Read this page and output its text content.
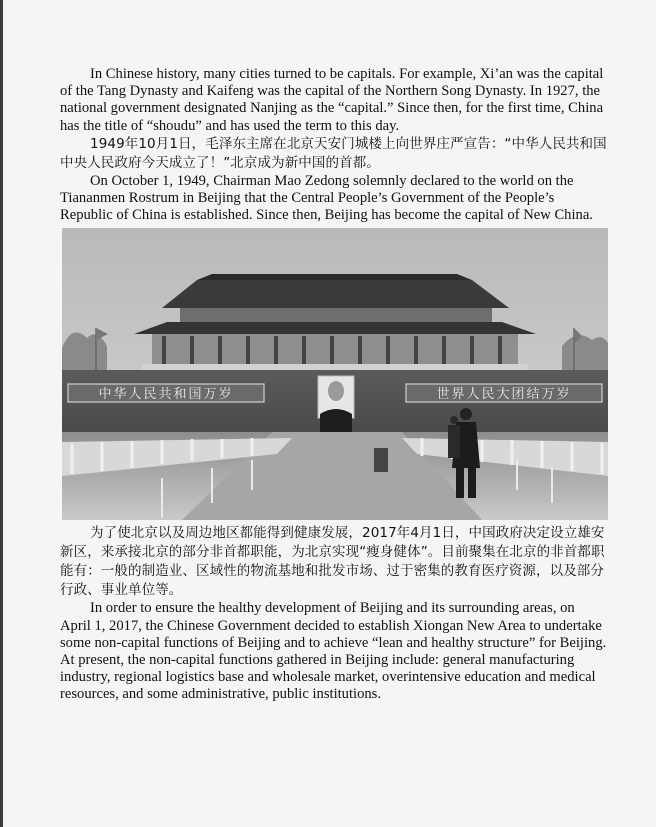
In Chinese history, many cities turned to be capitals. For example, Xi’an was the capital of the Tang Dynasty and Kaifeng was the capital of the Northern Song Dynasty. In 1927, the national government designated Nanjing as the “capital.” Since then, for the first time, China has the title of “shoudu” and has used the term to this day.

1949年10月1日，毛泽东主席在北京天安门城楼上向世界庄严宣告：“中华人民共和国中央人民政府今天成立了！”北京成为新中国的首都。

On October 1, 1949, Chairman Mao Zedong solemnly declared to the world on the Tiananmen Rostrum in Beijing that the Central People’s Government of the People’s Republic of China is established. Since then, Beijing has become the capital of New China.

中华人民共和国万岁	世界人民大团结万岁

为了使北京以及周边地区都能得到健康发展，2017年4月1日，中国政府决定设立雄安新区，来承接北京的部分非首都职能，为北京实现“瘦身健体”。目前聚集在北京的非首都职能有：一般的制造业、区域性的物流基地和批发市场、过于密集的教育医疗资源，以及部分行政、事业单位等。

In order to ensure the healthy development of Beijing and its surrounding areas, on April 1, 2017, the Chinese Government decided to establish Xiongan New Area to undertake some non-capital functions of Beijing and to achieve “lean and healthy structure” for Beijing. At present, the non-capital functions gathered in Beijing include: general manufacturing industry, regional logistics base and wholesale market, overintensive education and medical resources, and some administrative, public institutions.
